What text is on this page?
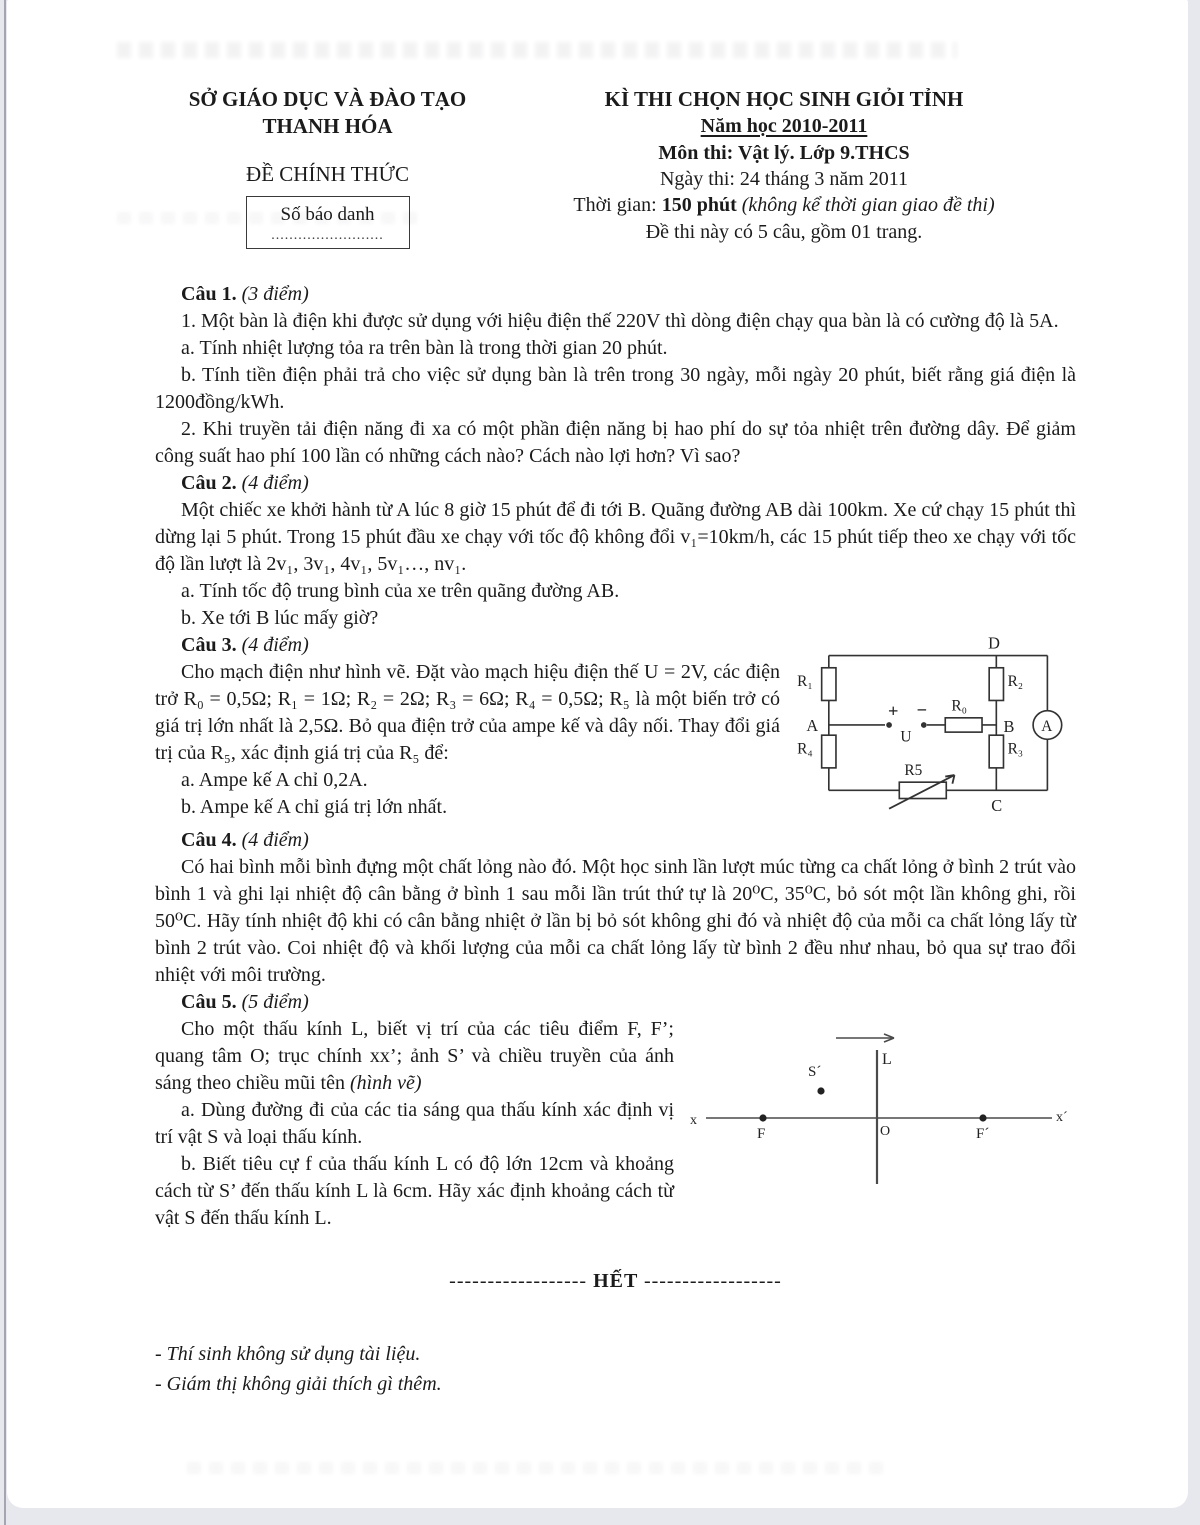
SỞ GIÁO DỤC VÀ ĐÀO TẠO
THANH HÓA
ĐỀ CHÍNH THỨC
Số báo danh
.........................
KÌ THI CHỌN HỌC SINH GIỎI TỈNH
Năm học 2010-2011
Môn thi: Vật lý. Lớp 9.THCS
Ngày thi: 24 tháng 3 năm 2011
Thời gian: 150 phút (không kể thời gian giao đề thi)
Đề thi này có 5 câu, gồm 01 trang.
Câu 1. (3 điểm)

1. Một bàn là điện khi được sử dụng với hiệu điện thế 220V thì dòng điện chạy qua bàn là có cường độ là 5A.

a. Tính nhiệt lượng tỏa ra trên bàn là trong thời gian 20 phút.

b. Tính tiền điện phải trả cho việc sử dụng bàn là trên trong 30 ngày, mỗi ngày 20 phút, biết rằng giá điện là 1200đồng/kWh.

2. Khi truyền tải điện năng đi xa có một phần điện năng bị hao phí do sự tỏa nhiệt trên đường dây. Để giảm công suất hao phí 100 lần có những cách nào? Cách nào lợi hơn? Vì sao?

Câu 2. (4 điểm)

Một chiếc xe khởi hành từ A lúc 8 giờ 15 phút để đi tới B. Quãng đường AB dài 100km. Xe cứ chạy 15 phút thì dừng lại 5 phút. Trong 15 phút đầu xe chạy với tốc độ không đổi v₁=10km/h, các 15 phút tiếp theo xe chạy với tốc độ lần lượt là 2v₁, 3v₁, 4v₁, 5v₁…, nv₁.

a. Tính tốc độ trung bình của xe trên quãng đường AB.

b. Xe tới B lúc mấy giờ?

Câu 3. (4 điểm)	D
C
A	B
R₁
R₄
R₂
R₃
R₀
R5
U
+ −
A

Cho mạch điện như hình vẽ. Đặt vào mạch hiệu điện thế U = 2V, các điện trở R₀ = 0,5Ω; R₁ = 1Ω; R₂ = 2Ω; R₃ = 6Ω; R₄ = 0,5Ω; R₅ là một biến trở có giá trị lớn nhất là 2,5Ω. Bỏ qua điện trở của ampe kế và dây nối. Thay đổi giá trị của R₅, xác định giá trị của R₅ để:

a. Ampe kế A chỉ 0,2A.

b. Ampe kế A chỉ giá trị lớn nhất.

Câu 4. (4 điểm)

Có hai bình mỗi bình đựng một chất lỏng nào đó. Một học sinh lần lượt múc từng ca chất lỏng ở bình 2 trút vào bình 1 và ghi lại nhiệt độ cân bằng ở bình 1 sau mỗi lần trút thứ tự là 20⁰C, 35⁰C, bỏ sót một lần không ghi, rồi 50⁰C. Hãy tính nhiệt độ khi có cân bằng nhiệt ở lần bị bỏ sót không ghi đó và nhiệt độ của mỗi ca chất lỏng lấy từ bình 2 trút vào. Coi nhiệt độ và khối lượng của mỗi ca chất lỏng lấy từ bình 2 đều như nhau, bỏ qua sự trao đổi nhiệt với môi trường.

Câu 5. (5 điểm)
L
x	x´
S´
F	F´
O

Cho một thấu kính L, biết vị trí của các tiêu điểm F, F’; quang tâm O; trục chính xx’; ảnh S’ và chiều truyền của ánh sáng theo chiều mũi tên (hình vẽ)

a. Dùng đường đi của các tia sáng qua thấu kính xác định vị trí vật S và loại thấu kính.

b. Biết tiêu cự f của thấu kính L có độ lớn 12cm và khoảng cách từ S’ đến thấu kính L là 6cm. Hãy xác định khoảng cách từ vật S đến thấu kính L.

------------------ HẾT ------------------
- Thí sinh không sử dụng tài liệu.
- Giám thị không giải thích gì thêm.
